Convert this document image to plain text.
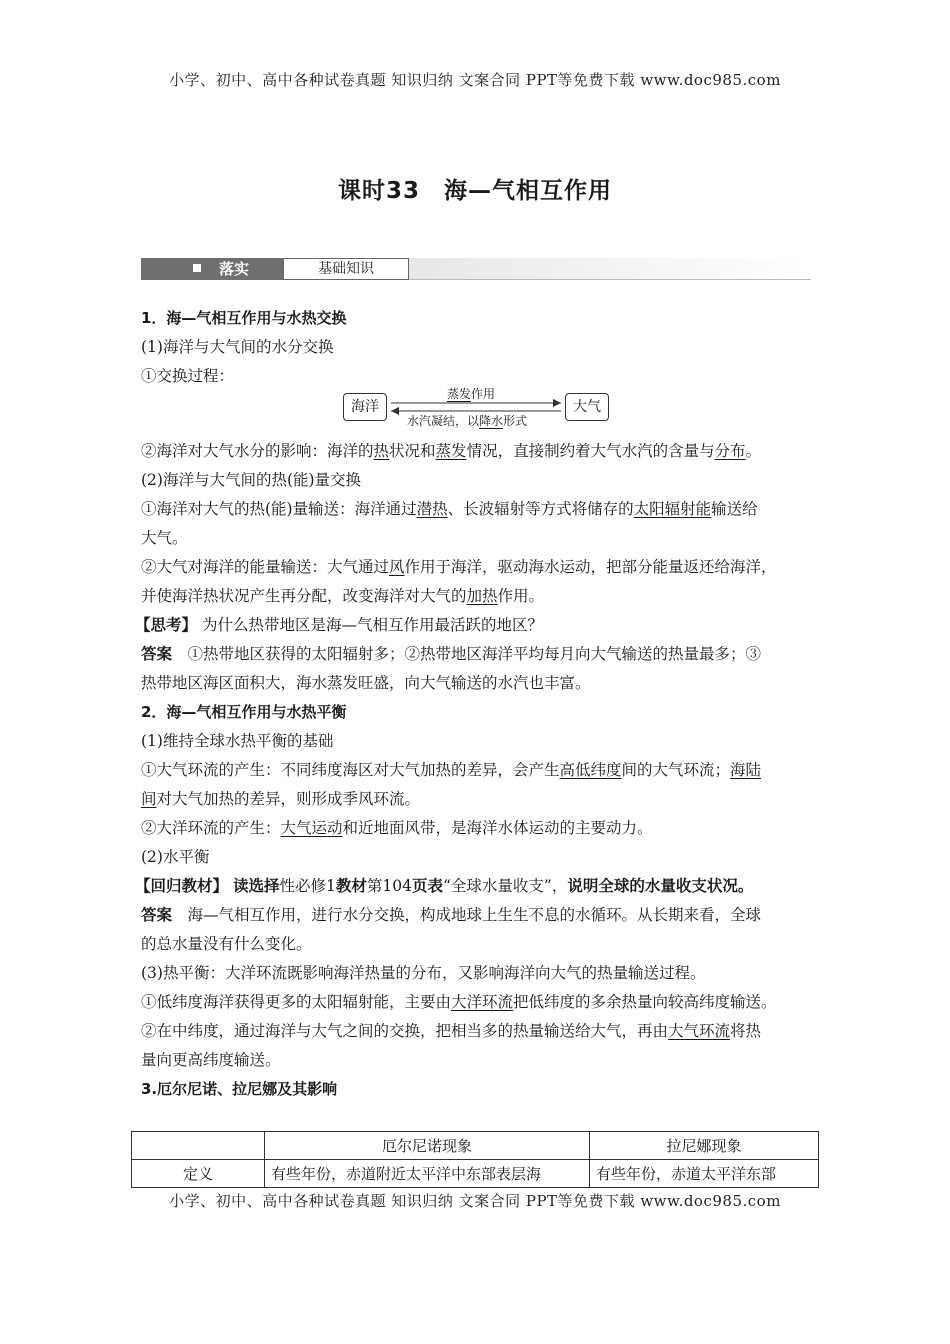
小学、初中、高中各种试卷真题 知识归纳 文案合同 PPT等免费下载 www.doc985.com
课时33　海—气相互作用
落实	基础知识
1．海—气相互作用与水热交换
(1)海洋与大气间的水分交换
①交换过程：
海洋	大气
蒸发作用
水汽凝结，以降水形式
②海洋对大气水分的影响：海洋的热状况和蒸发情况，直接制约着大气水汽的含量与分布。
(2)海洋与大气间的热(能)量交换
①海洋对大气的热(能)量输送：海洋通过潜热、长波辐射等方式将储存的太阳辐射能输送给
大气。
②大气对海洋的能量输送：大气通过风作用于海洋，驱动海水运动，把部分能量返还给海洋，
并使海洋热状况产生再分配，改变海洋对大气的加热作用。
【思考】 为什么热带地区是海—气相互作用最活跃的地区？
答案　 ①热带地区获得的太阳辐射多；②热带地区海洋平均每月向大气输送的热量最多；③
热带地区海区面积大，海水蒸发旺盛，向大气输送的水汽也丰富。
2．海—气相互作用与水热平衡
(1)维持全球水热平衡的基础
①大气环流的产生：不同纬度海区对大气加热的差异，会产生高低纬度间的大气环流；海陆
间对大气加热的差异，则形成季风环流。
②大洋环流的产生：大气运动和近地面风带，是海洋水体运动的主要动力。
(2)水平衡
【回归教材】 读选择性必修1教材第104页表“全球水量收支”，说明全球的水量收支状况。
答案　 海—气相互作用，进行水分交换，构成地球上生生不息的水循环。从长期来看，全球
的总水量没有什么变化。
(3)热平衡：大洋环流既影响海洋热量的分布，又影响海洋向大气的热量输送过程。
①低纬度海洋获得更多的太阳辐射能，主要由大洋环流把低纬度的多余热量向较高纬度输送。
②在中纬度，通过海洋与大气之间的交换，把相当多的热量输送给大气，再由大气环流将热
量向更高纬度输送。
3.厄尔尼诺、拉尼娜及其影响
	厄尔尼诺现象	拉尼娜现象
定义	有些年份，赤道附近太平洋中东部表层海	有些年份，赤道太平洋东部
小学、初中、高中各种试卷真题 知识归纳 文案合同 PPT等免费下载 www.doc985.com
